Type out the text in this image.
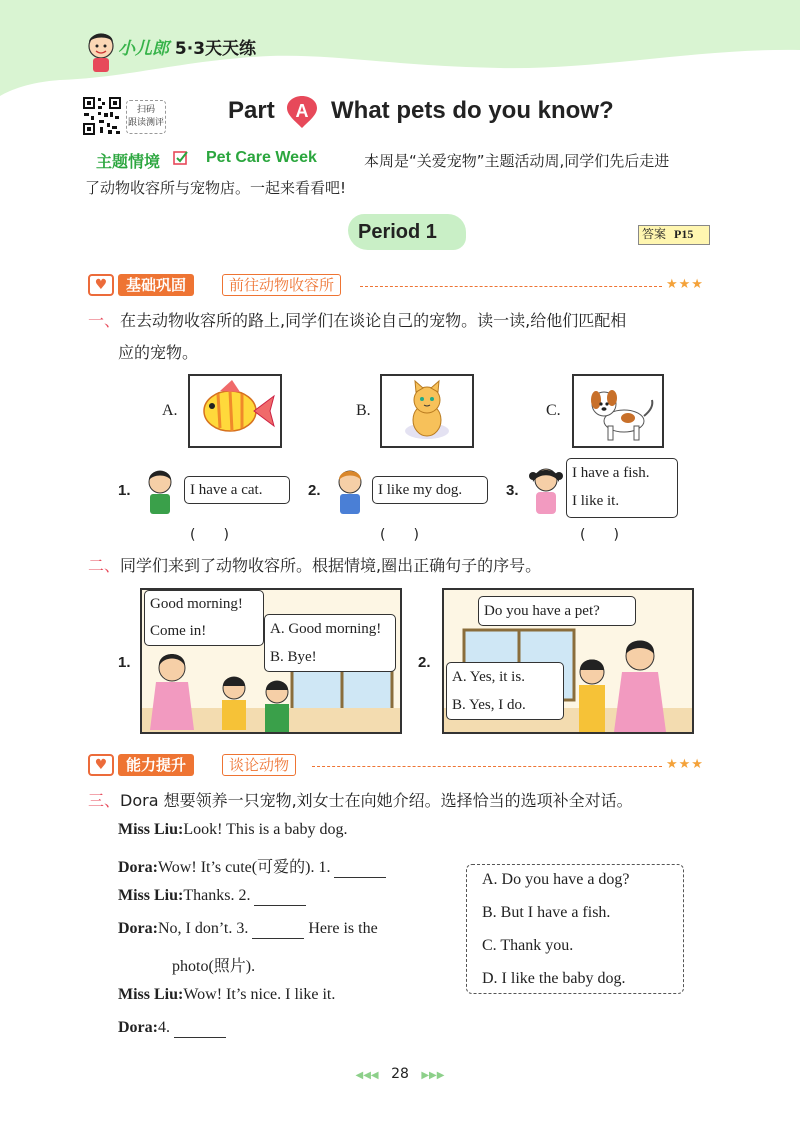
小儿郎 5·3天天练
扫码
跟读测评	Part A What pets do you know?
主题情境	Pet Care Week	本周是“关爱宠物”主题活动周,同学们先后走进
了动物收容所与宠物店。一起来看看吧!
Period 1	答案 P15
♥	基础巩固	前往动物收容所	★★★
一、在去动物收容所的路上,同学们在谈论自己的宠物。读一读,给他们匹配相
应的宠物。
A.	B.	C.
1.	I have a cat.
(　　)
2.	I like my dog.
(　　)
3.
I have a fish.
I like it.
(　　)
二、同学们来到了动物收容所。根据情境,圈出正确句子的序号。
1.
Good morning!
Come in!	A. Good morning!
B. Bye!	2.
Do you have a pet?
A. Yes, it is.
B. Yes, I do.
♥	能力提升	谈论动物	★★★
三、Dora 想要领养一只宠物,刘女士在向她介绍。选择恰当的选项补全对话。
Miss Liu:Look! This is a baby dog.
Dora:Wow! It’s cute(可爱的). 1.
Miss Liu:Thanks. 2.
Dora:No, I don’t. 3.	Here is the
photo(照片).
Miss Liu:Wow! It’s nice. I like it.
Dora:4.
A. Do you have a dog?
B. But I have a fish.
C. Thank you.
D. I like the baby dog.
◀◀◀ 28 ▶▶▶
